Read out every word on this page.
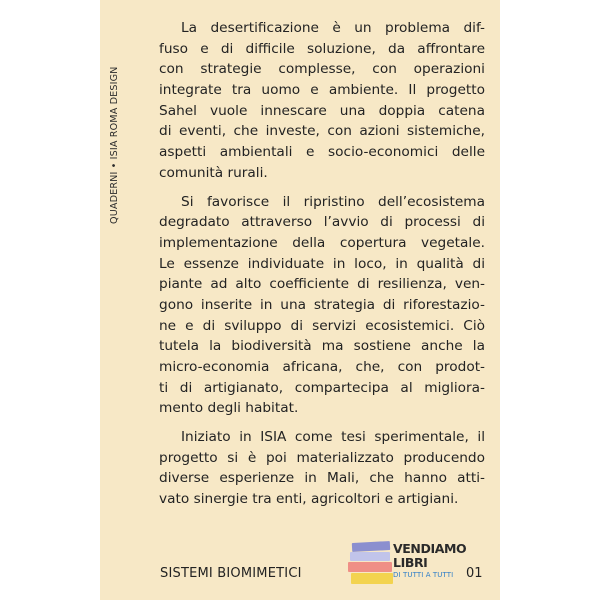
QUADERNI • ISIA ROMA DESIGN
La desertificazione è un problema dif-
fuso e di difficile soluzione, da affrontare
con strategie complesse, con operazioni
integrate tra uomo e ambiente. Il progetto
Sahel vuole innescare una doppia catena
di eventi, che investe, con azioni sistemiche,
aspetti ambientali e socio-economici delle
comunità rurali.
Si favorisce il ripristino dell’ecosistema
degradato attraverso l’avvio di processi di
implementazione della copertura vegetale.
Le essenze individuate in loco, in qualità di
piante ad alto coefficiente di resilienza, ven-
gono inserite in una strategia di riforestazio-
ne e di sviluppo di servizi ecosistemici. Ciò
tutela la biodiversità ma sostiene anche la
micro-economia africana, che, con prodot-
ti di artigianato, compartecipa al migliora-
mento degli habitat.
Iniziato in ISIA come tesi sperimentale, il
progetto si è poi materializzato producendo
diverse esperienze in Mali, che hanno atti-
vato sinergie tra enti, agricoltori e artigiani.
SISTEMI BIOMIMETICI
VENDIAMO
LIBRI
DI TUTTI A TUTTI 01
